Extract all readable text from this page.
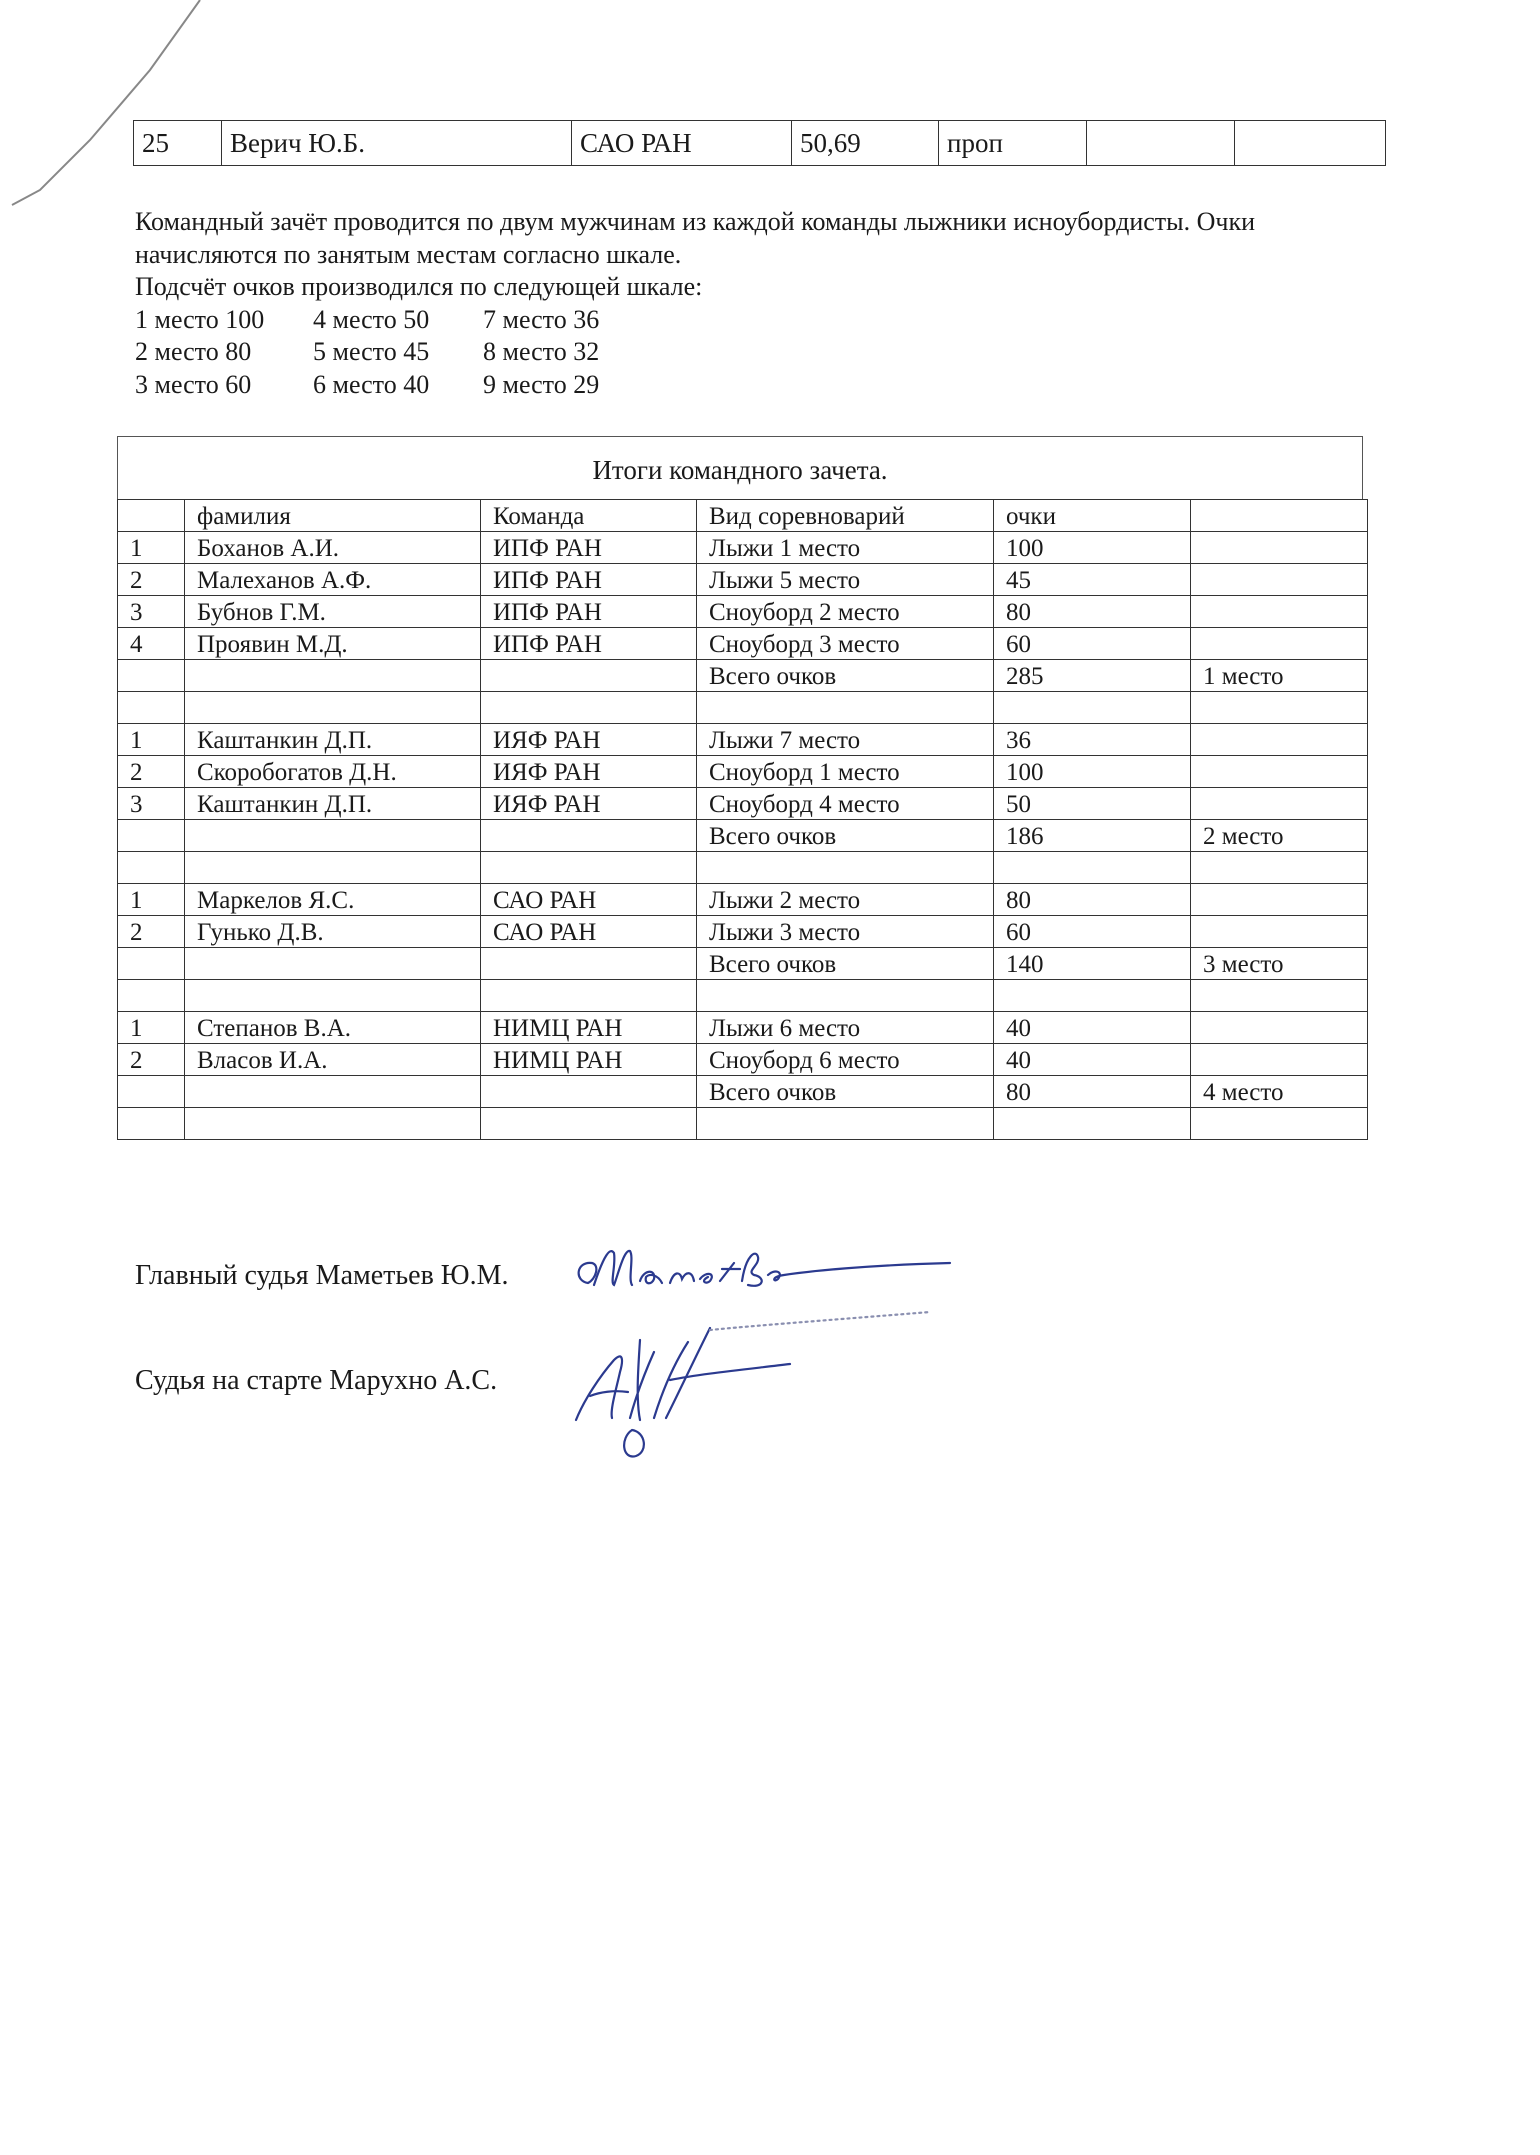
25	Верич Ю.Б.	САО РАН	50,69	проп		

Командный зачёт проводится по двум мужчинам из каждой команды лыжники исноубордисты. Очки начисляются по занятым местам согласно шкале.

Подсчёт очков производился по следующей шкале:

1 место 100 4 место 50 7 место 36
2 место 80 5 место 45 8 место 32
3 место 60 6 место 40 9 место 29
Итоги командного зачета.
	фамилия	Команда	Вид соревноварий	очки	
1	Боханов А.И.	ИПФ РАН	Лыжи 1 место	100	
2	Малеханов А.Ф.	ИПФ РАН	Лыжи 5 место	45	
3	Бубнов Г.М.	ИПФ РАН	Сноуборд 2 место	80	
4	Проявин М.Д.	ИПФ РАН	Сноуборд 3 место	60	
			Всего очков	285	1 место

1	Каштанкин Д.П.	ИЯФ РАН	Лыжи 7 место	36	
2	Скоробогатов Д.Н.	ИЯФ РАН	Сноуборд 1 место	100	
3	Каштанкин Д.П.	ИЯФ РАН	Сноуборд 4 место	50	
			Всего очков	186	2 место

1	Маркелов Я.С.	САО РАН	Лыжи 2 место	80	
2	Гунько Д.В.	САО РАН	Лыжи 3 место	60	
			Всего очков	140	3 место

1	Степанов В.А.	НИМЦ РАН	Лыжи 6 место	40	
2	Власов И.А.	НИМЦ РАН	Сноуборд 6 место	40	
			Всего очков	80	4 место

Главный судья Маметьев Ю.М.
Судья на старте Марухно А.С.
